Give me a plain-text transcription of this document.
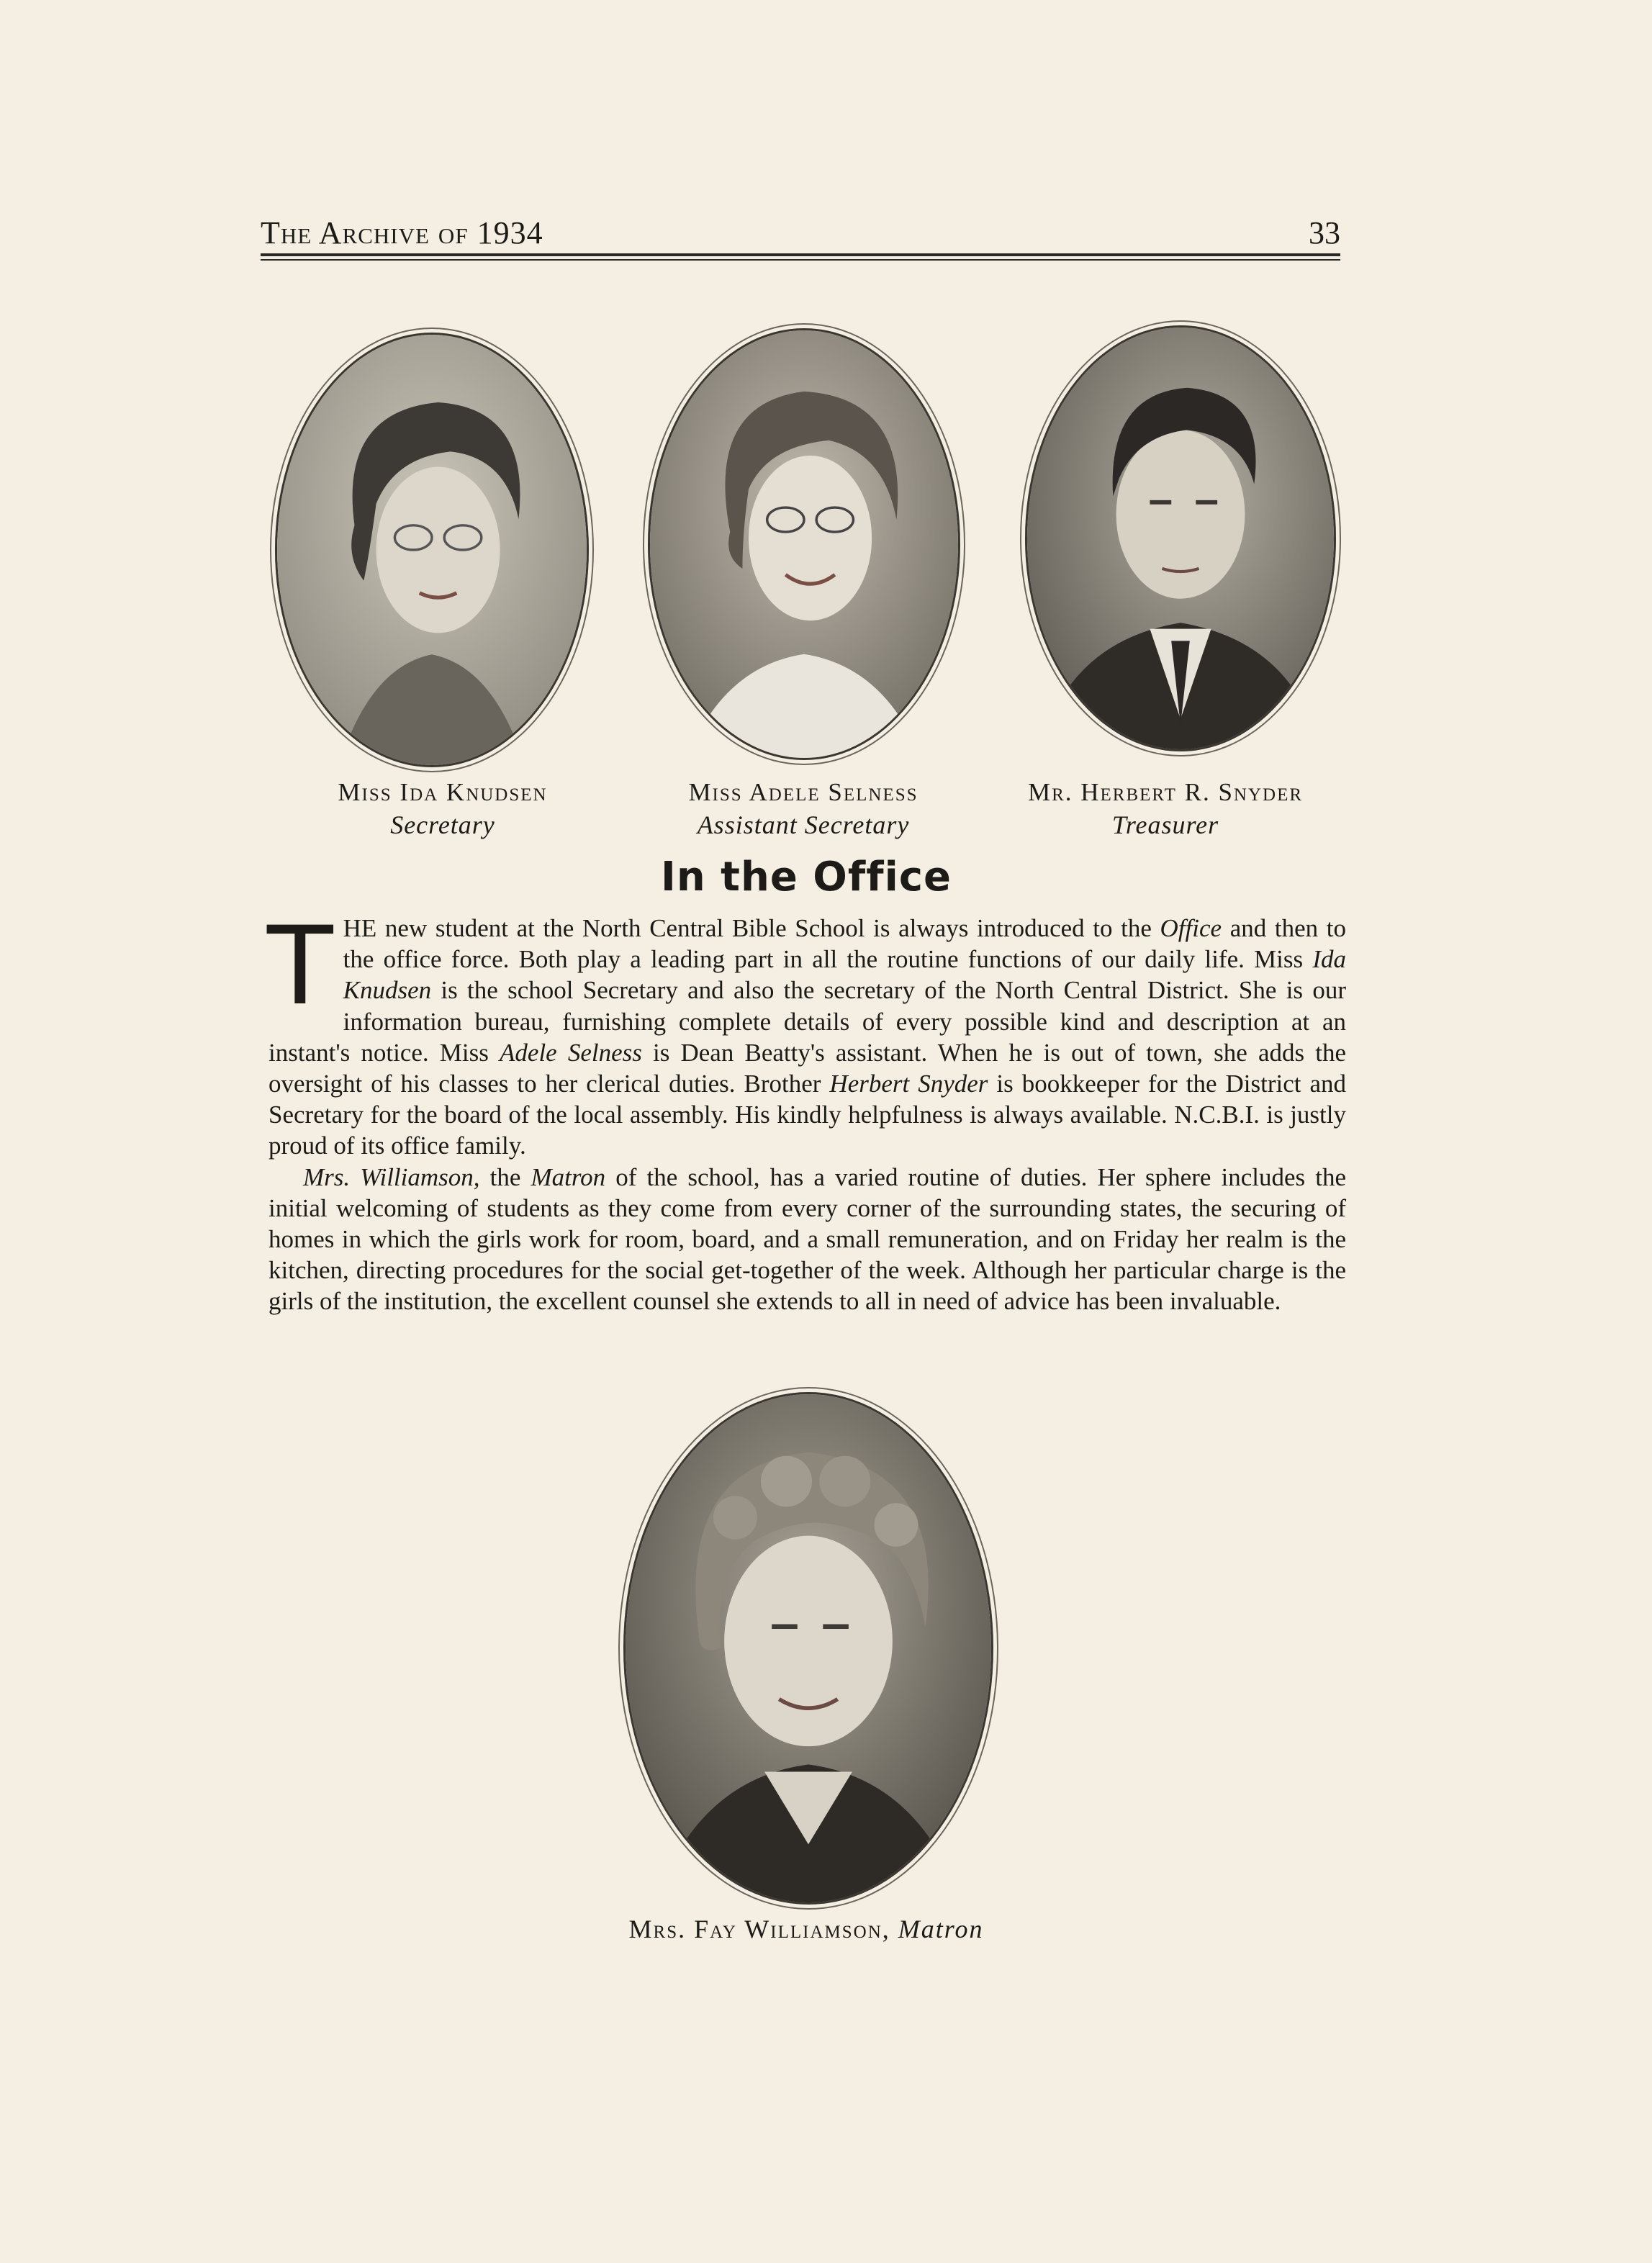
The Archive of 1934	33
Miss Ida Knudsen
Secretary
Miss Adele Selness
Assistant Secretary
Mr. Herbert R. Snyder
Treasurer
In the Office

THE new student at the North Central Bible School is always introduced to the Office and then to the office force. Both play a leading part in all the routine functions of our daily life. Miss Ida Knudsen is the school Secretary and also the secretary of the North Central District. She is our information bureau, furnishing complete details of every possible kind and description at an instant's notice. Miss Adele Selness is Dean Beatty's assistant. When he is out of town, she adds the oversight of his classes to her clerical duties. Brother Herbert Snyder is bookkeeper for the District and Secretary for the board of the local assembly. His kindly helpfulness is always available. N.C.B.I. is justly proud of its office family.

Mrs. Williamson, the Matron of the school, has a varied routine of duties. Her sphere includes the initial welcoming of students as they come from every corner of the surrounding states, the securing of homes in which the girls work for room, board, and a small remuneration, and on Friday her realm is the kitchen, directing procedures for the social get-together of the week. Although her particular charge is the girls of the institution, the excellent counsel she extends to all in need of advice has been invaluable.

Mrs. Fay Williamson, Matron
